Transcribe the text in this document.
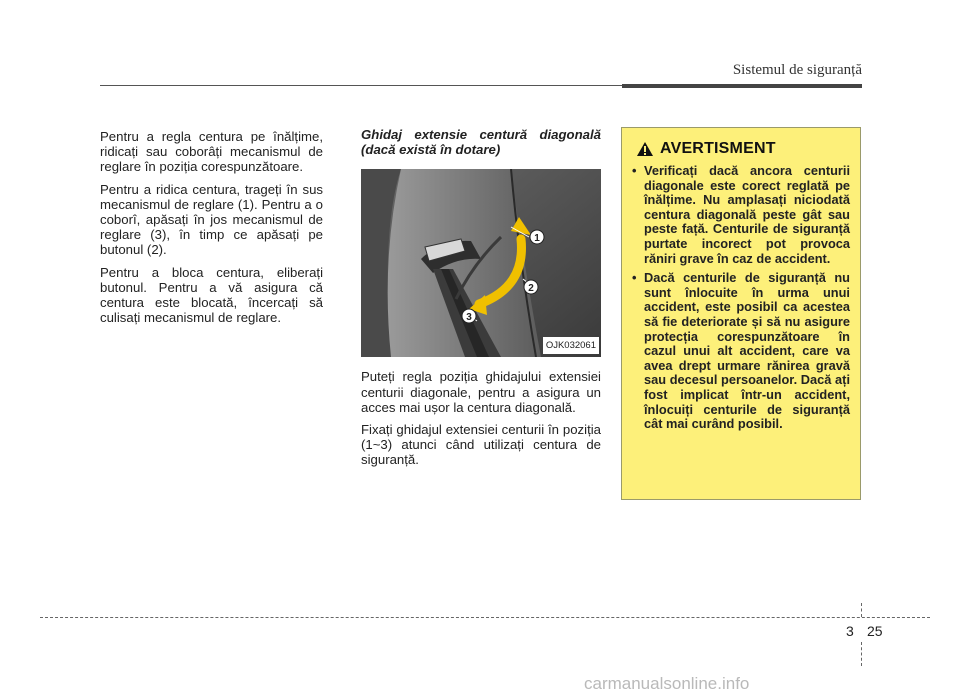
Sistemul de siguranță

Pentru a regla centura pe înălțime, ridicați sau coborâți mecanismul de reglare în poziția corespunzătoare.

Pentru a ridica centura, trageți în sus mecanismul de reglare (1). Pentru a o coborî, apăsați în jos mecanismul de reglare (3), în timp ce apăsați pe butonul (2).

Pentru a bloca centura, eliberați butonul. Pentru a vă asigura că centura este blocată, încercați să culisați mecanismul de reglare.

Ghidaj extensie centură diagonală (dacă există în dotare)
1
2
3
OJK032061

Puteți regla poziția ghidajului extensiei centurii diagonale, pentru a asigura un acces mai ușor la centura diagonală.

Fixați ghidajul extensiei centurii în poziția (1~3) atunci când utilizați centura de siguranță.

AVERTISMENT
• Verificați dacă ancora centurii diagonale este corect reglată pe înălțime. Nu amplasați niciodată centura diagonală peste gât sau peste față. Centurile de siguranță purtate incorect pot provoca răniri grave în caz de accident.
• Dacă centurile de siguranță nu sunt înlocuite în urma unui accident, este posibil ca acestea să fie deteriorate și să nu asigure protecția corespunzătoare în cazul unui alt accident, care va avea drept urmare rănirea gravă sau decesul persoanelor. Dacă ați fost implicat într-un accident, înlocuiți centurile de siguranță cât mai curând posibil.
3 25
carmanualsonline.info
